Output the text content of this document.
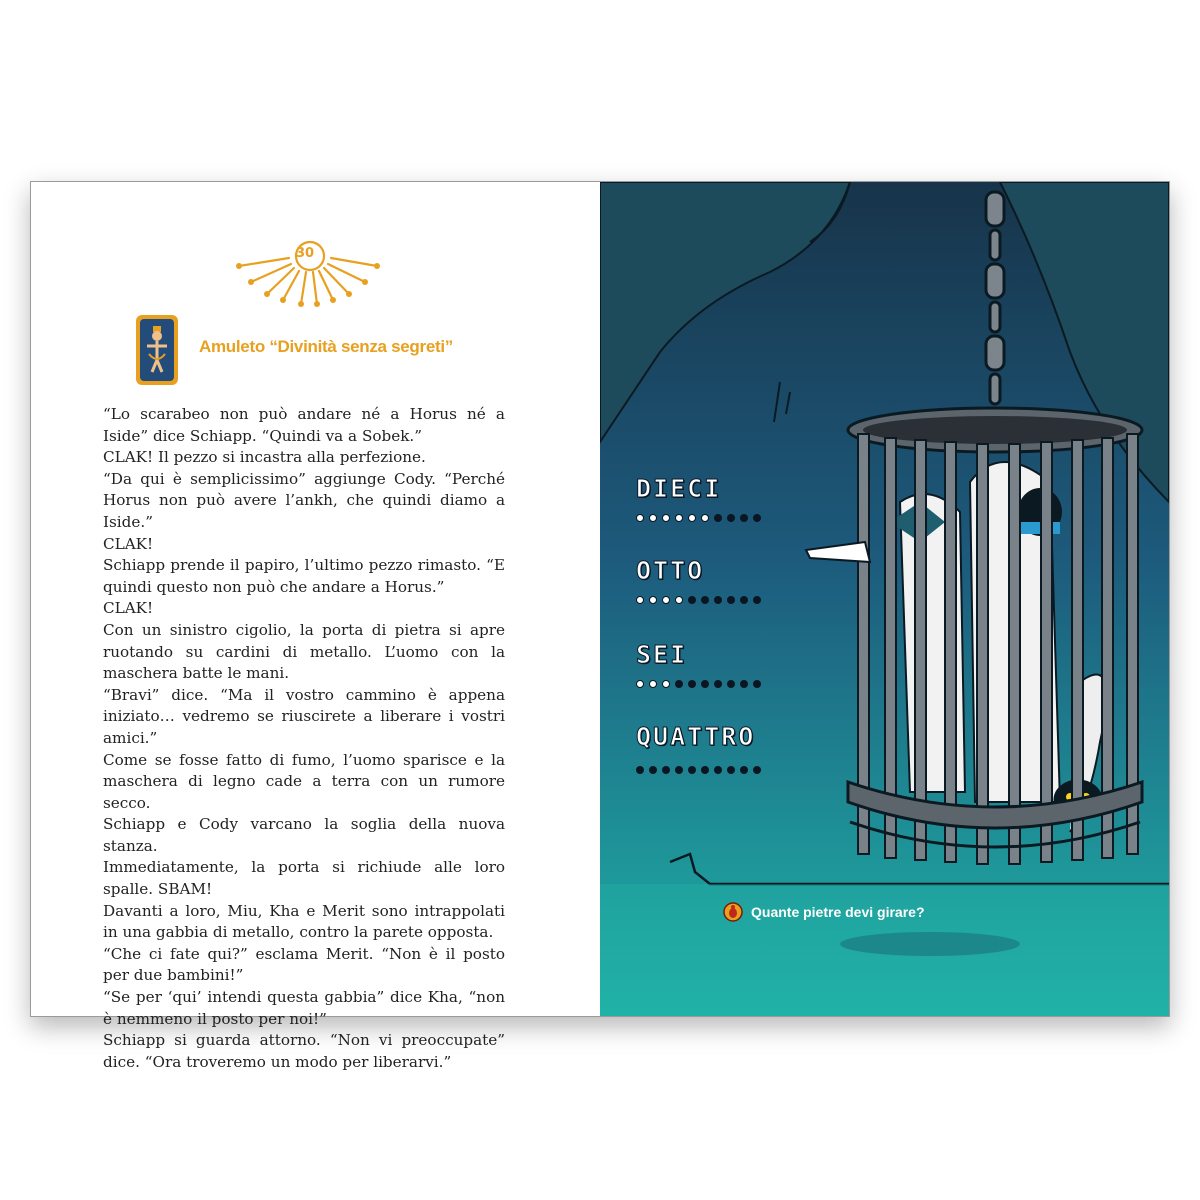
30
Amuleto “Divinità senza segreti”

“Lo scarabeo non può andare né a Horus né a Iside” dice Schiapp. “Quindi va a Sobek.”

CLAK! Il pezzo si incastra alla perfezione.

“Da qui è semplicissimo” aggiunge Cody. “Perché Horus non può avere l’ankh, che quindi diamo a Iside.”

CLAK!

Schiapp prende il papiro, l’ultimo pezzo rimasto. “E quindi questo non può che andare a Horus.”

CLAK!

Con un sinistro cigolio, la porta di pietra si apre ruotando su cardini di metallo. L’uomo con la maschera batte le mani.

“Bravi” dice. “Ma il vostro cammino è appena iniziato… vedremo se riuscirete a liberare i vostri amici.”

Come se fosse fatto di fumo, l’uomo sparisce e la maschera di legno cade a terra con un rumore secco.

Schiapp e Cody varcano la soglia della nuova stanza.

Immediatamente, la porta si richiude alle loro spalle. SBAM!

Davanti a loro, Miu, Kha e Merit sono intrappolati in una gabbia di metallo, contro la parete opposta.

“Che ci fate qui?” esclama Merit. “Non è il posto per due bambini!”

“Se per ‘qui’ intendi questa gabbia” dice Kha, “non è nemmeno il posto per noi!”

Schiapp si guarda attorno. “Non vi preoccupate” dice. “Ora troveremo un modo per liberarvi.”

Quante pietre devi girare?
DIECI
OTTO
SEI
QUATTRO
